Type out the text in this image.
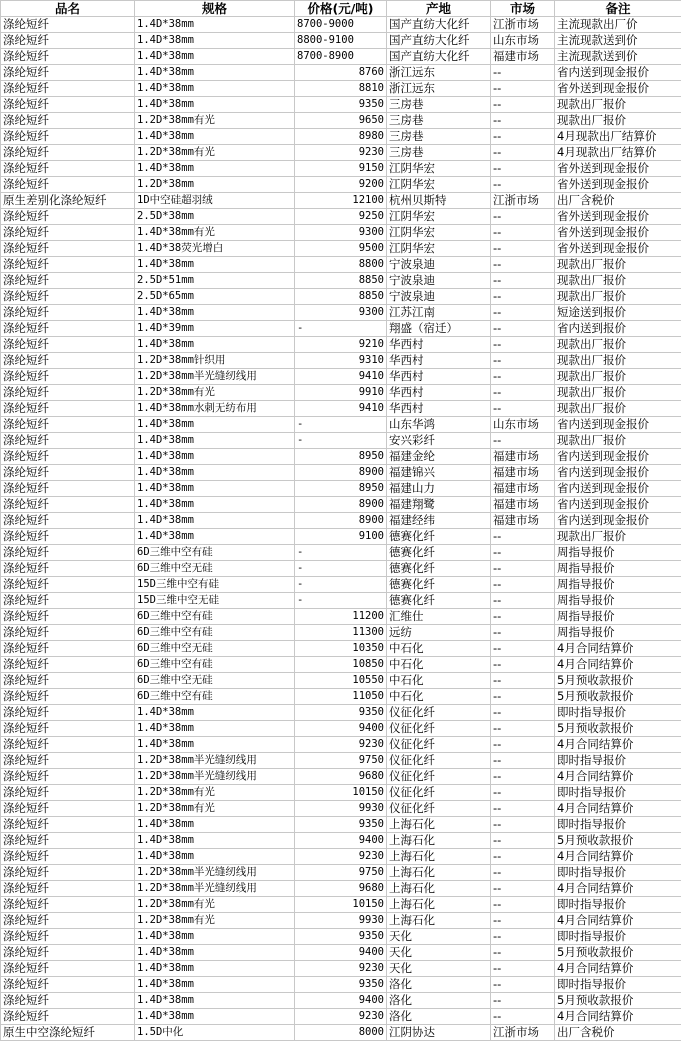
品名	规格	价格(元/吨)	产地	市场	备注
涤纶短纤	1.4D*38mm	8700-9000	国产直纺大化纤	江浙市场	主流现款出厂价
涤纶短纤	1.4D*38mm	8800-9100	国产直纺大化纤	山东市场	主流现款送到价
涤纶短纤	1.4D*38mm	8700-8900	国产直纺大化纤	福建市场	主流现款送到价
涤纶短纤	1.4D*38mm	8760	浙江远东	--	省内送到现金报价
涤纶短纤	1.4D*38mm	8810	浙江远东	--	省外送到现金报价
涤纶短纤	1.4D*38mm	9350	三房巷	--	现款出厂报价
涤纶短纤	1.2D*38mm有光	9650	三房巷	--	现款出厂报价
涤纶短纤	1.4D*38mm	8980	三房巷	--	4月现款出厂结算价
涤纶短纤	1.2D*38mm有光	9230	三房巷	--	4月现款出厂结算价
涤纶短纤	1.4D*38mm	9150	江阴华宏	--	省外送到现金报价
涤纶短纤	1.2D*38mm	9200	江阴华宏	--	省外送到现金报价
原生差别化涤纶短纤	1D中空硅超羽绒	12100	杭州贝斯特	江浙市场	出厂含税价
涤纶短纤	2.5D*38mm	9250	江阴华宏	--	省外送到现金报价
涤纶短纤	1.4D*38mm有光	9300	江阴华宏	--	省外送到现金报价
涤纶短纤	1.4D*38荧光增白	9500	江阴华宏	--	省外送到现金报价
涤纶短纤	1.4D*38mm	8800	宁波泉迪	--	现款出厂报价
涤纶短纤	2.5D*51mm	8850	宁波泉迪	--	现款出厂报价
涤纶短纤	2.5D*65mm	8850	宁波泉迪	--	现款出厂报价
涤纶短纤	1.4D*38mm	9300	江苏江南	--	短途送到报价
涤纶短纤	1.4D*39mm	-	翔盛（宿迁）	--	省内送到报价
涤纶短纤	1.4D*38mm	9210	华西村	--	现款出厂报价
涤纶短纤	1.2D*38mm针织用	9310	华西村	--	现款出厂报价
涤纶短纤	1.2D*38mm半光缝纫线用	9410	华西村	--	现款出厂报价
涤纶短纤	1.2D*38mm有光	9910	华西村	--	现款出厂报价
涤纶短纤	1.4D*38mm水刺无纺布用	9410	华西村	--	现款出厂报价
涤纶短纤	1.4D*38mm	-	山东华鸿	山东市场	省内送到现金报价
涤纶短纤	1.4D*38mm	-	安兴彩纤	--	现款出厂报价
涤纶短纤	1.4D*38mm	8950	福建金纶	福建市场	省内送到现金报价
涤纶短纤	1.4D*38mm	8900	福建锦兴	福建市场	省内送到现金报价
涤纶短纤	1.4D*38mm	8950	福建山力	福建市场	省内送到现金报价
涤纶短纤	1.4D*38mm	8900	福建翔鹭	福建市场	省内送到现金报价
涤纶短纤	1.4D*38mm	8900	福建经纬	福建市场	省内送到现金报价
涤纶短纤	1.4D*38mm	9100	德赛化纤	--	现款出厂报价
涤纶短纤	6D三维中空有硅	-	德赛化纤	--	周指导报价
涤纶短纤	6D三维中空无硅	-	德赛化纤	--	周指导报价
涤纶短纤	15D三维中空有硅	-	德赛化纤	--	周指导报价
涤纶短纤	15D三维中空无硅	-	德赛化纤	--	周指导报价
涤纶短纤	6D三维中空有硅	11200	汇维仕	--	周指导报价
涤纶短纤	6D三维中空有硅	11300	远纺	--	周指导报价
涤纶短纤	6D三维中空无硅	10350	中石化	--	4月合同结算价
涤纶短纤	6D三维中空有硅	10850	中石化	--	4月合同结算价
涤纶短纤	6D三维中空无硅	10550	中石化	--	5月预收款报价
涤纶短纤	6D三维中空有硅	11050	中石化	--	5月预收款报价
涤纶短纤	1.4D*38mm	9350	仪征化纤	--	即时指导报价
涤纶短纤	1.4D*38mm	9400	仪征化纤	--	5月预收款报价
涤纶短纤	1.4D*38mm	9230	仪征化纤	--	4月合同结算价
涤纶短纤	1.2D*38mm半光缝纫线用	9750	仪征化纤	--	即时指导报价
涤纶短纤	1.2D*38mm半光缝纫线用	9680	仪征化纤	--	4月合同结算价
涤纶短纤	1.2D*38mm有光	10150	仪征化纤	--	即时指导报价
涤纶短纤	1.2D*38mm有光	9930	仪征化纤	--	4月合同结算价
涤纶短纤	1.4D*38mm	9350	上海石化	--	即时指导报价
涤纶短纤	1.4D*38mm	9400	上海石化	--	5月预收款报价
涤纶短纤	1.4D*38mm	9230	上海石化	--	4月合同结算价
涤纶短纤	1.2D*38mm半光缝纫线用	9750	上海石化	--	即时指导报价
涤纶短纤	1.2D*38mm半光缝纫线用	9680	上海石化	--	4月合同结算价
涤纶短纤	1.2D*38mm有光	10150	上海石化	--	即时指导报价
涤纶短纤	1.2D*38mm有光	9930	上海石化	--	4月合同结算价
涤纶短纤	1.4D*38mm	9350	天化	--	即时指导报价
涤纶短纤	1.4D*38mm	9400	天化	--	5月预收款报价
涤纶短纤	1.4D*38mm	9230	天化	--	4月合同结算价
涤纶短纤	1.4D*38mm	9350	洛化	--	即时指导报价
涤纶短纤	1.4D*38mm	9400	洛化	--	5月预收款报价
涤纶短纤	1.4D*38mm	9230	洛化	--	4月合同结算价
原生中空涤纶短纤	1.5D中化	8000	江阴协达	江浙市场	出厂含税价
